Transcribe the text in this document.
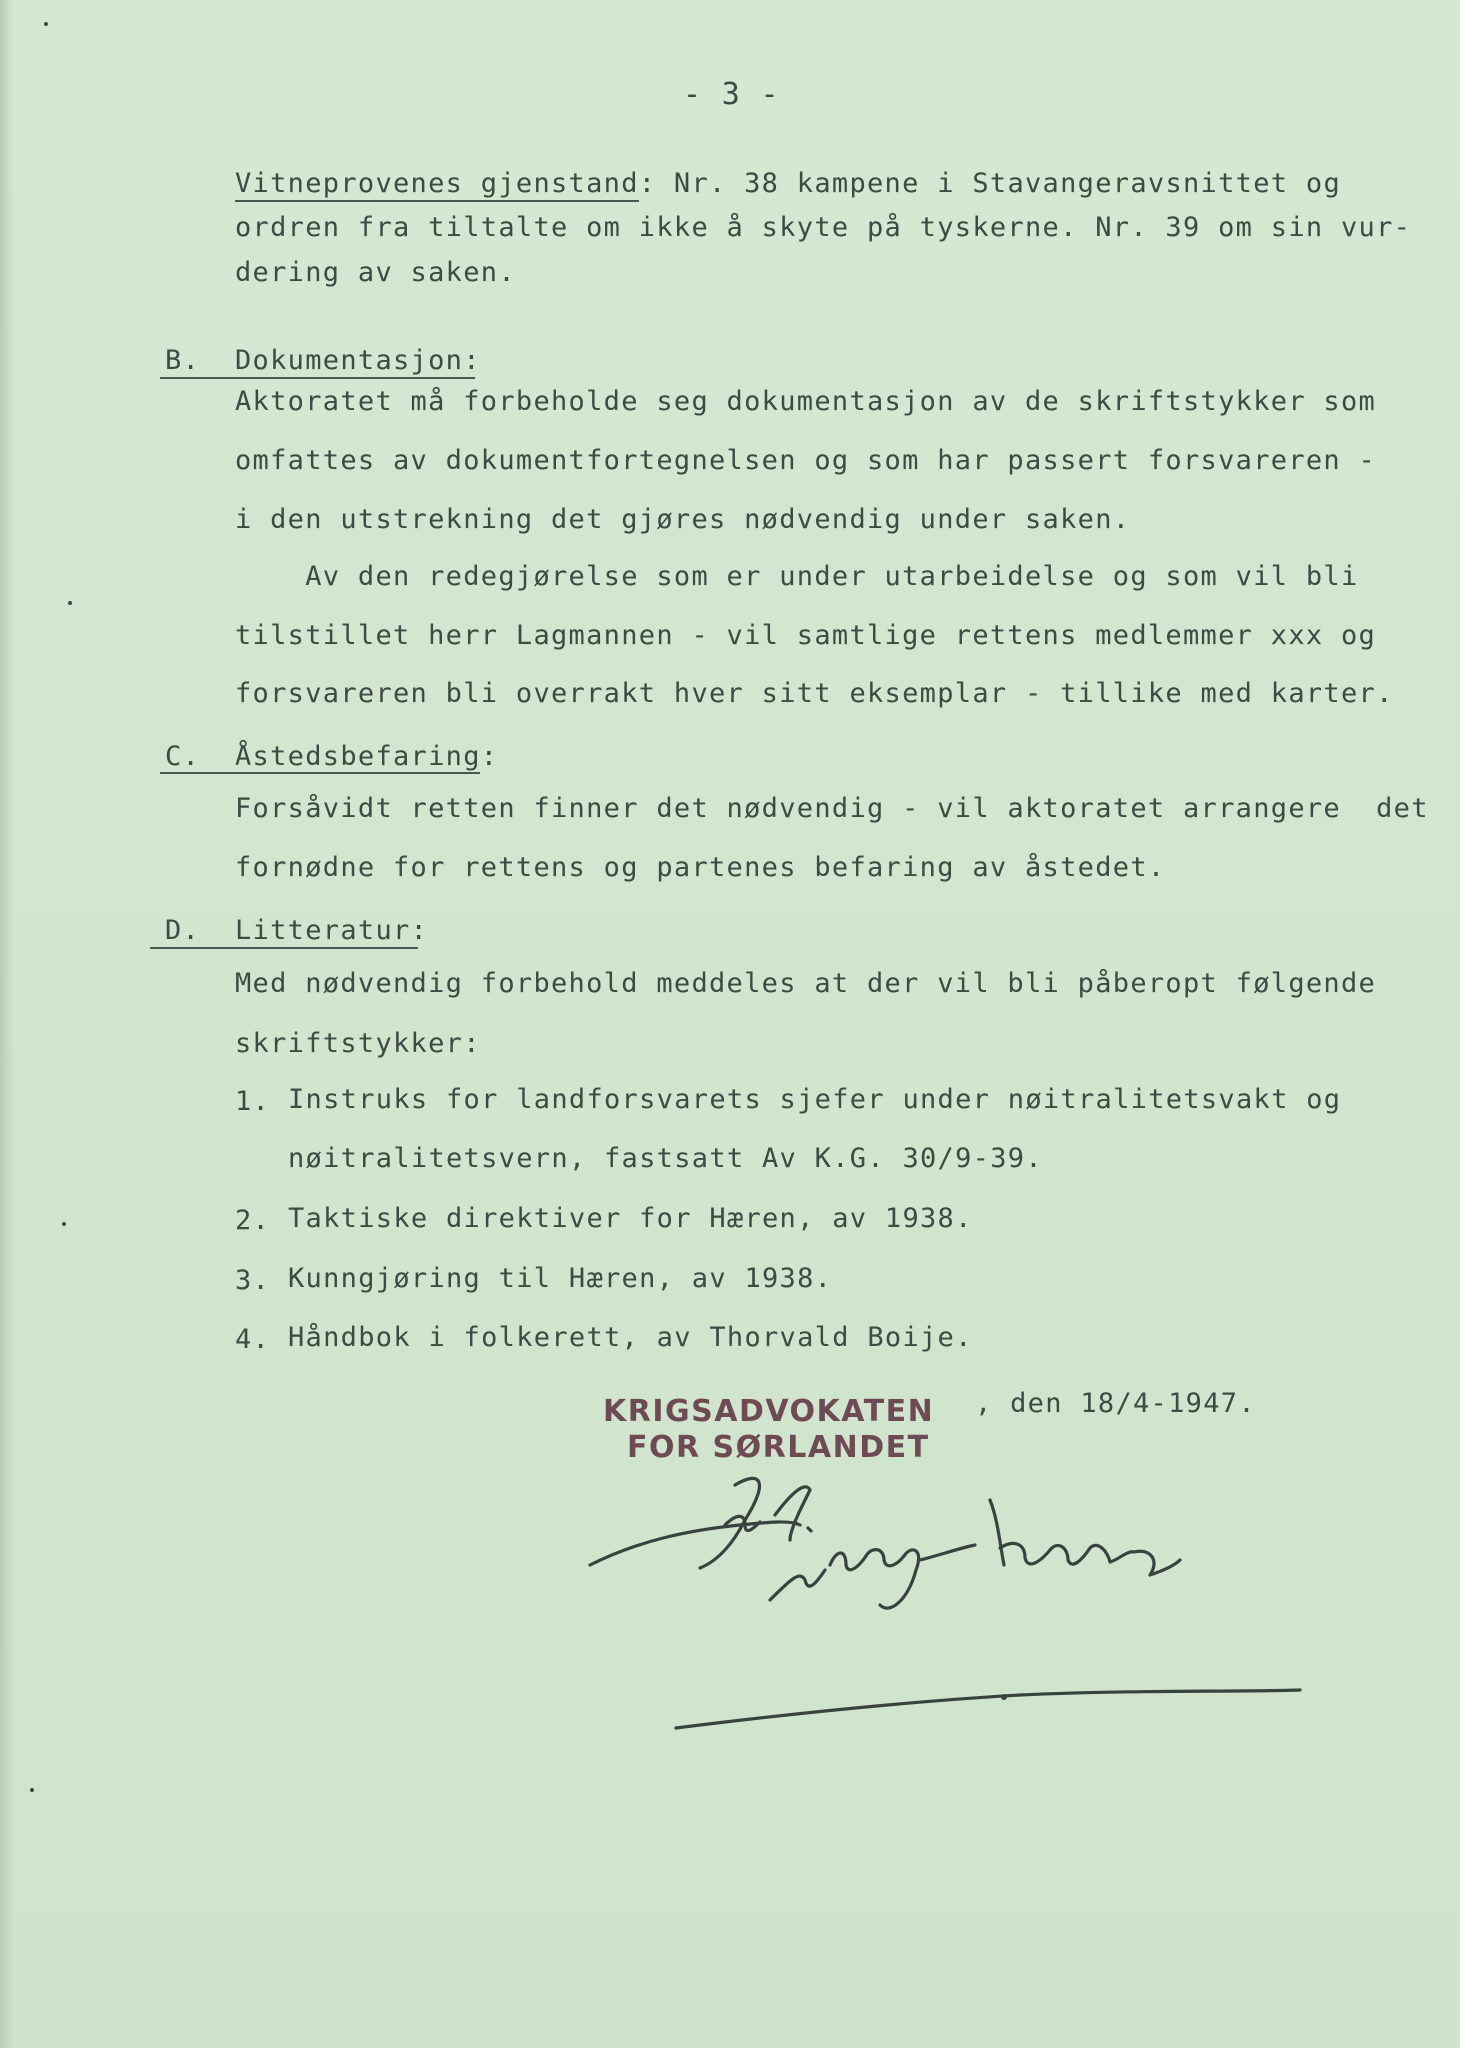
- 3 -
Vitneprovenes gjenstand: Nr. 38 kampene i Stavangeravsnittet og
ordren fra tiltalte om ikke å skyte på tyskerne. Nr. 39 om sin vur-
dering av saken.
B. Dokumentasjon:
Aktoratet må forbeholde seg dokumentasjon av de skriftstykker som
omfattes av dokumentfortegnelsen og som har passert forsvareren -
i den utstrekning det gjøres nødvendig under saken.
Av den redegjørelse som er under utarbeidelse og som vil bli
tilstillet herr Lagmannen - vil samtlige rettens medlemmer xxx og
forsvareren bli overrakt hver sitt eksemplar - tillike med karter.
C. Åstedsbefaring:
Forsåvidt retten finner det nødvendig - vil aktoratet arrangere  det
fornødne for rettens og partenes befaring av åstedet.
D. Litteratur:
Med nødvendig forbehold meddeles at der vil bli påberopt følgende
skriftstykker:
1. Instruks for landforsvarets sjefer under nøitralitetsvakt og
nøitralitetsvern, fastsatt Av K.G. 30/9-39.
2. Taktiske direktiver for Hæren, av 1938.
3. Kunngjøring til Hæren, av 1938.
4. Håndbok i folkerett, av Thorvald Boije.
KRIGSADVOKATEN
FOR SØRLANDET
, den 18/4-1947.
